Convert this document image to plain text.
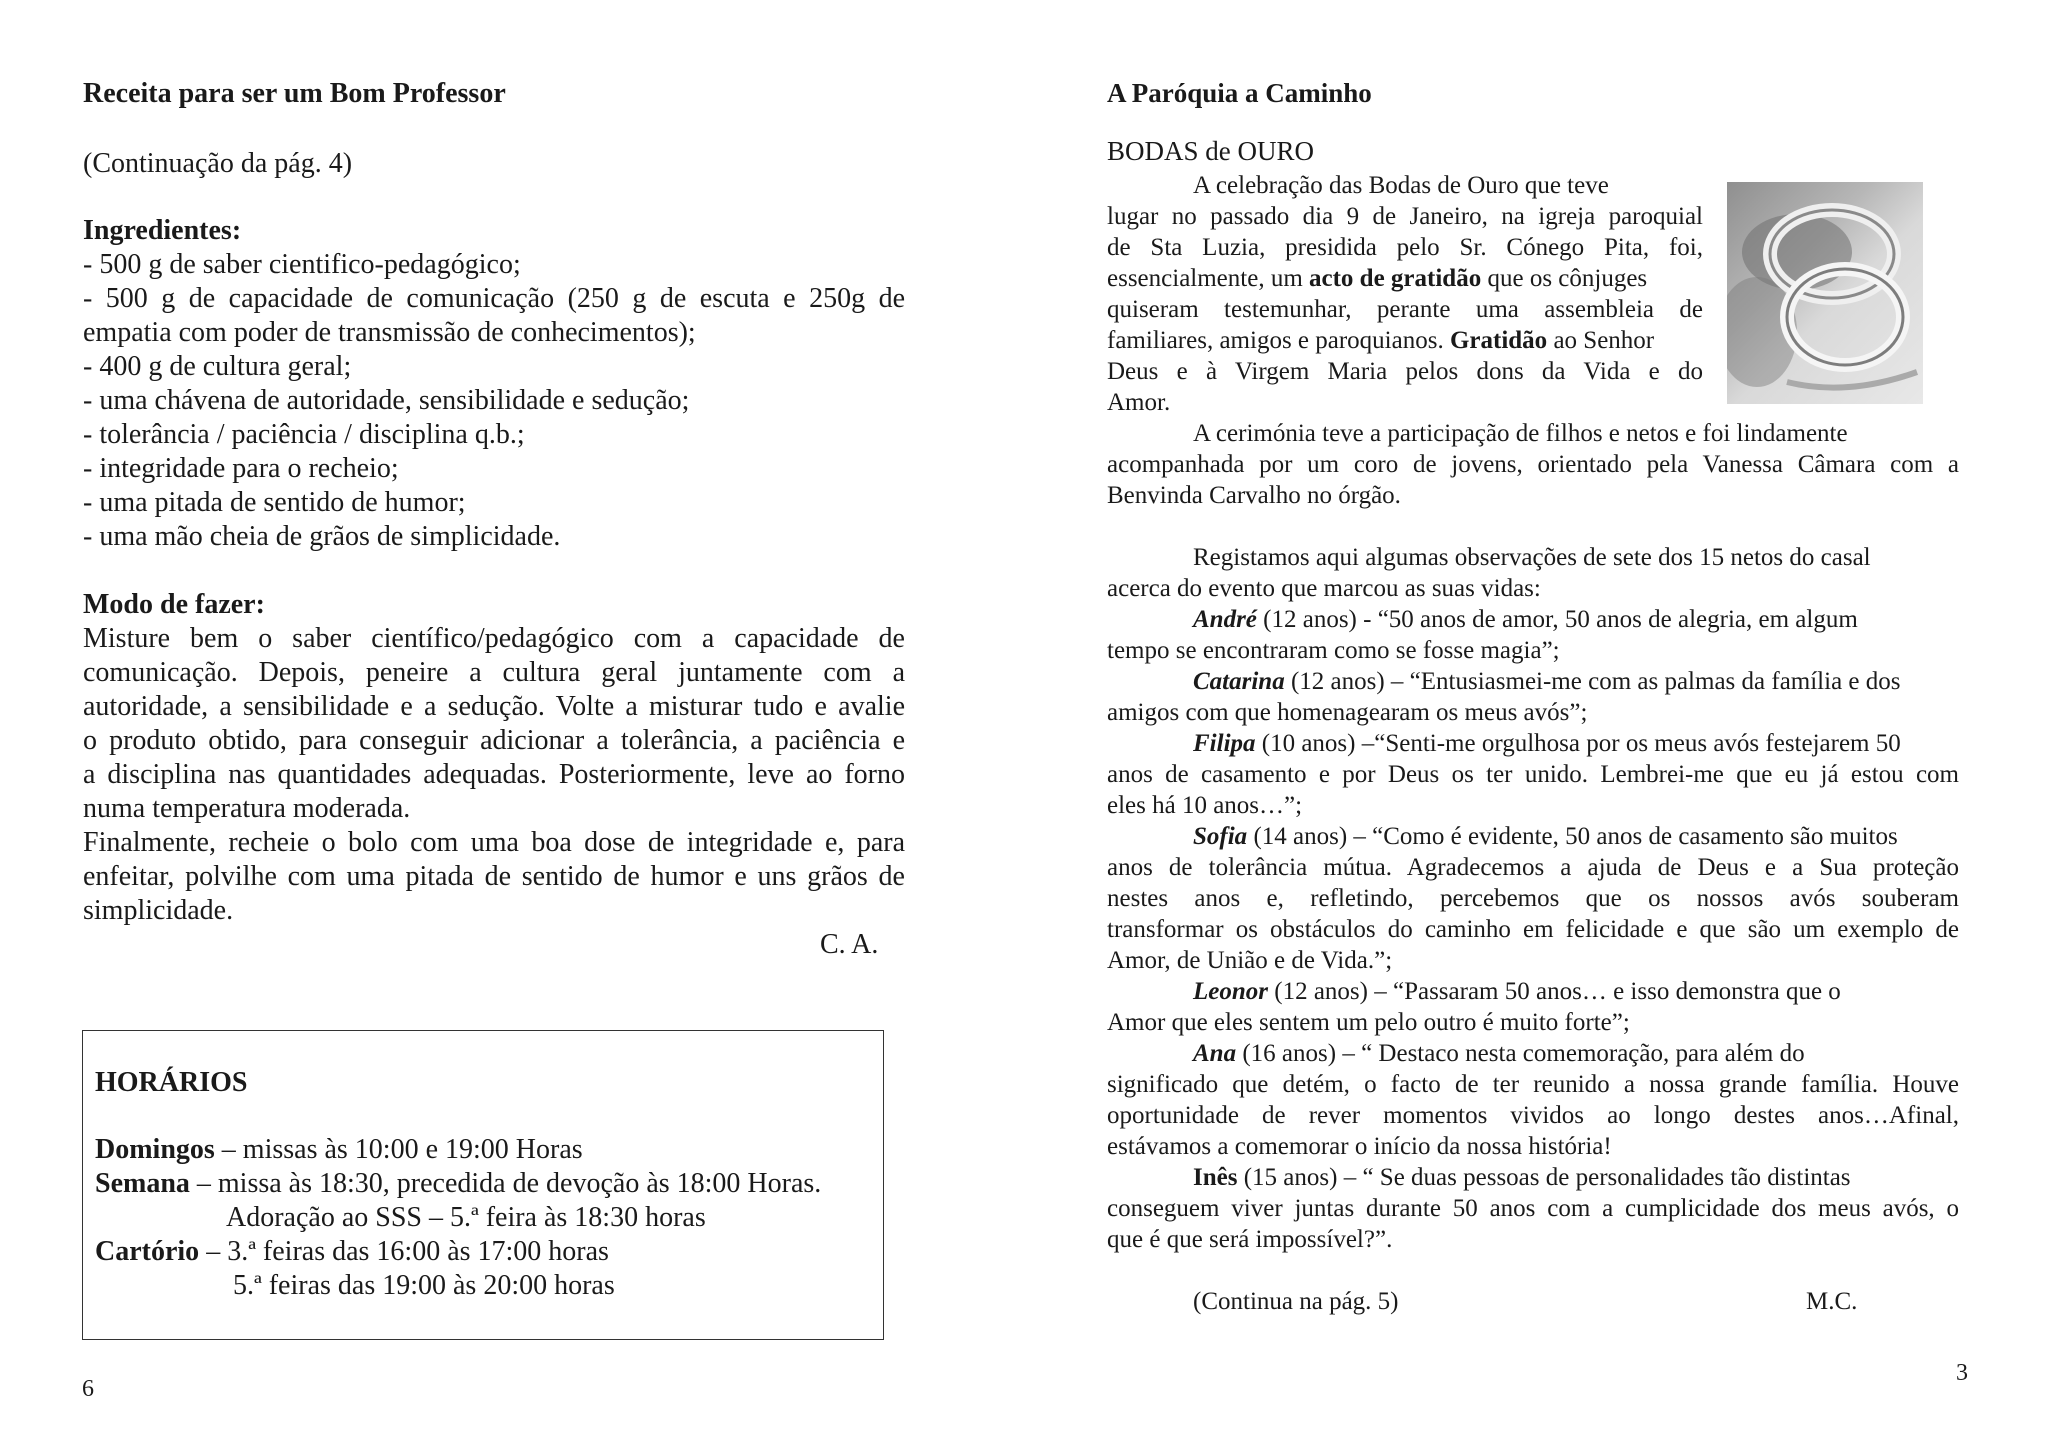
Receita para ser um Bom Professor
(Continuação da pág. 4)
Ingredientes:
- 500 g de saber cientifico-pedagógico;
- 500 g de capacidade de comunicação (250 g de escuta e 250g de
empatia com poder de transmissão de conhecimentos);
- 400 g de cultura geral;
- uma chávena de autoridade, sensibilidade e sedução;
- tolerância / paciência / disciplina q.b.;
- integridade para o recheio;
- uma pitada de sentido de humor;
- uma mão cheia de grãos de simplicidade.
Modo de fazer:
Misture bem o saber científico/pedagógico com a capacidade de
comunicação. Depois, peneire a cultura geral juntamente com a
autoridade, a sensibilidade e a sedução. Volte a misturar tudo e avalie
o produto obtido, para conseguir adicionar a tolerância, a paciência e
a disciplina nas quantidades adequadas. Posteriormente, leve ao forno
numa temperatura moderada.
Finalmente, recheie o bolo com uma boa dose de integridade e, para
enfeitar, polvilhe com uma pitada de sentido de humor e uns grãos de
simplicidade.
C. A.
6
HORÁRIOS
Domingos – missas às 10:00 e 19:00 Horas
Semana – missa às 18:30, precedida de devoção às 18:00 Horas.
Adoração ao SSS – 5.ª feira às 18:30 horas
Cartório – 3.ª feiras das 16:00 às 17:00 horas
5.ª feiras das 19:00 às 20:00 horas
A Paróquia a Caminho
BODAS de OURO
A celebração das Bodas de Ouro que teve
lugar no passado dia 9 de Janeiro, na igreja paroquial
de Sta Luzia, presidida pelo Sr. Cónego Pita, foi,
essencialmente, um acto de gratidão que os cônjuges
quiseram testemunhar, perante uma assembleia de
familiares, amigos e paroquianos. Gratidão ao Senhor
Deus e à Virgem Maria pelos dons da Vida e do
Amor.
A cerimónia teve a participação de filhos e netos e foi lindamente
acompanhada por um coro de jovens, orientado pela Vanessa Câmara com a
Benvinda Carvalho no órgão.
Registamos aqui algumas observações de sete dos 15 netos do casal
acerca do evento que marcou as suas vidas:
André (12 anos) - “50 anos de amor, 50 anos de alegria, em algum
tempo se encontraram como se fosse magia”;
Catarina (12 anos) – “Entusiasmei-me com as palmas da família e dos
amigos com que homenagearam os meus avós”;
Filipa (10 anos) –“Senti-me orgulhosa por os meus avós festejarem 50
anos de casamento e por Deus os ter unido. Lembrei-me que eu já estou com
eles há 10 anos…”;
Sofia (14 anos) – “Como é evidente, 50 anos de casamento são muitos
anos de tolerância mútua. Agradecemos a ajuda de Deus e a Sua proteção
nestes anos e, refletindo, percebemos que os nossos avós souberam
transformar os obstáculos do caminho em felicidade e que são um exemplo de
Amor, de União e de Vida.”;
Leonor (12 anos) – “Passaram 50 anos… e isso demonstra que o
Amor que eles sentem um pelo outro é muito forte”;
Ana (16 anos) – “ Destaco nesta comemoração, para além do
significado que detém, o facto de ter reunido a nossa grande família. Houve
oportunidade de rever momentos vividos ao longo destes anos…Afinal,
estávamos a comemorar o início da nossa história!
Inês (15 anos) – “ Se duas pessoas de personalidades tão distintas
conseguem viver juntas durante 50 anos com a cumplicidade dos meus avós, o
que é que será impossível?”.
(Continua na pág. 5)	M.C.
3
